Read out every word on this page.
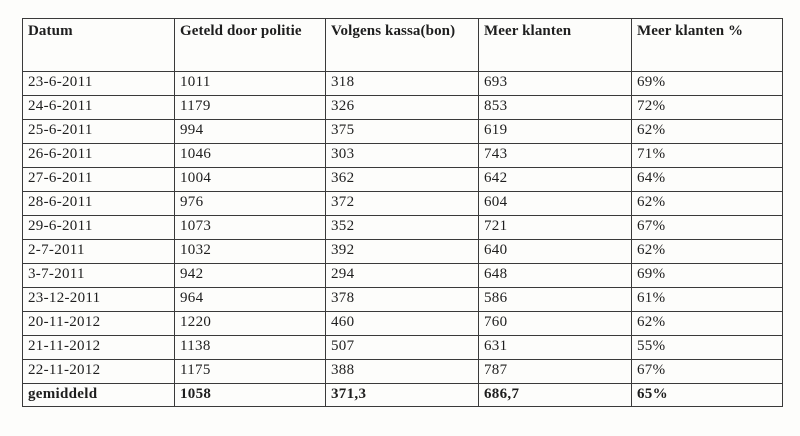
Datum	Geteld door politie	Volgens kassa(bon)	Meer klanten	Meer klanten %
23-6-2011	1011	318	693	69%
24-6-2011	1179	326	853	72%
25-6-2011	994	375	619	62%
26-6-2011	1046	303	743	71%
27-6-2011	1004	362	642	64%
28-6-2011	976	372	604	62%
29-6-2011	1073	352	721	67%
2-7-2011	1032	392	640	62%
3-7-2011	942	294	648	69%
23-12-2011	964	378	586	61%
20-11-2012	1220	460	760	62%
21-11-2012	1138	507	631	55%
22-11-2012	1175	388	787	67%
gemiddeld	1058	371,3	686,7	65%
